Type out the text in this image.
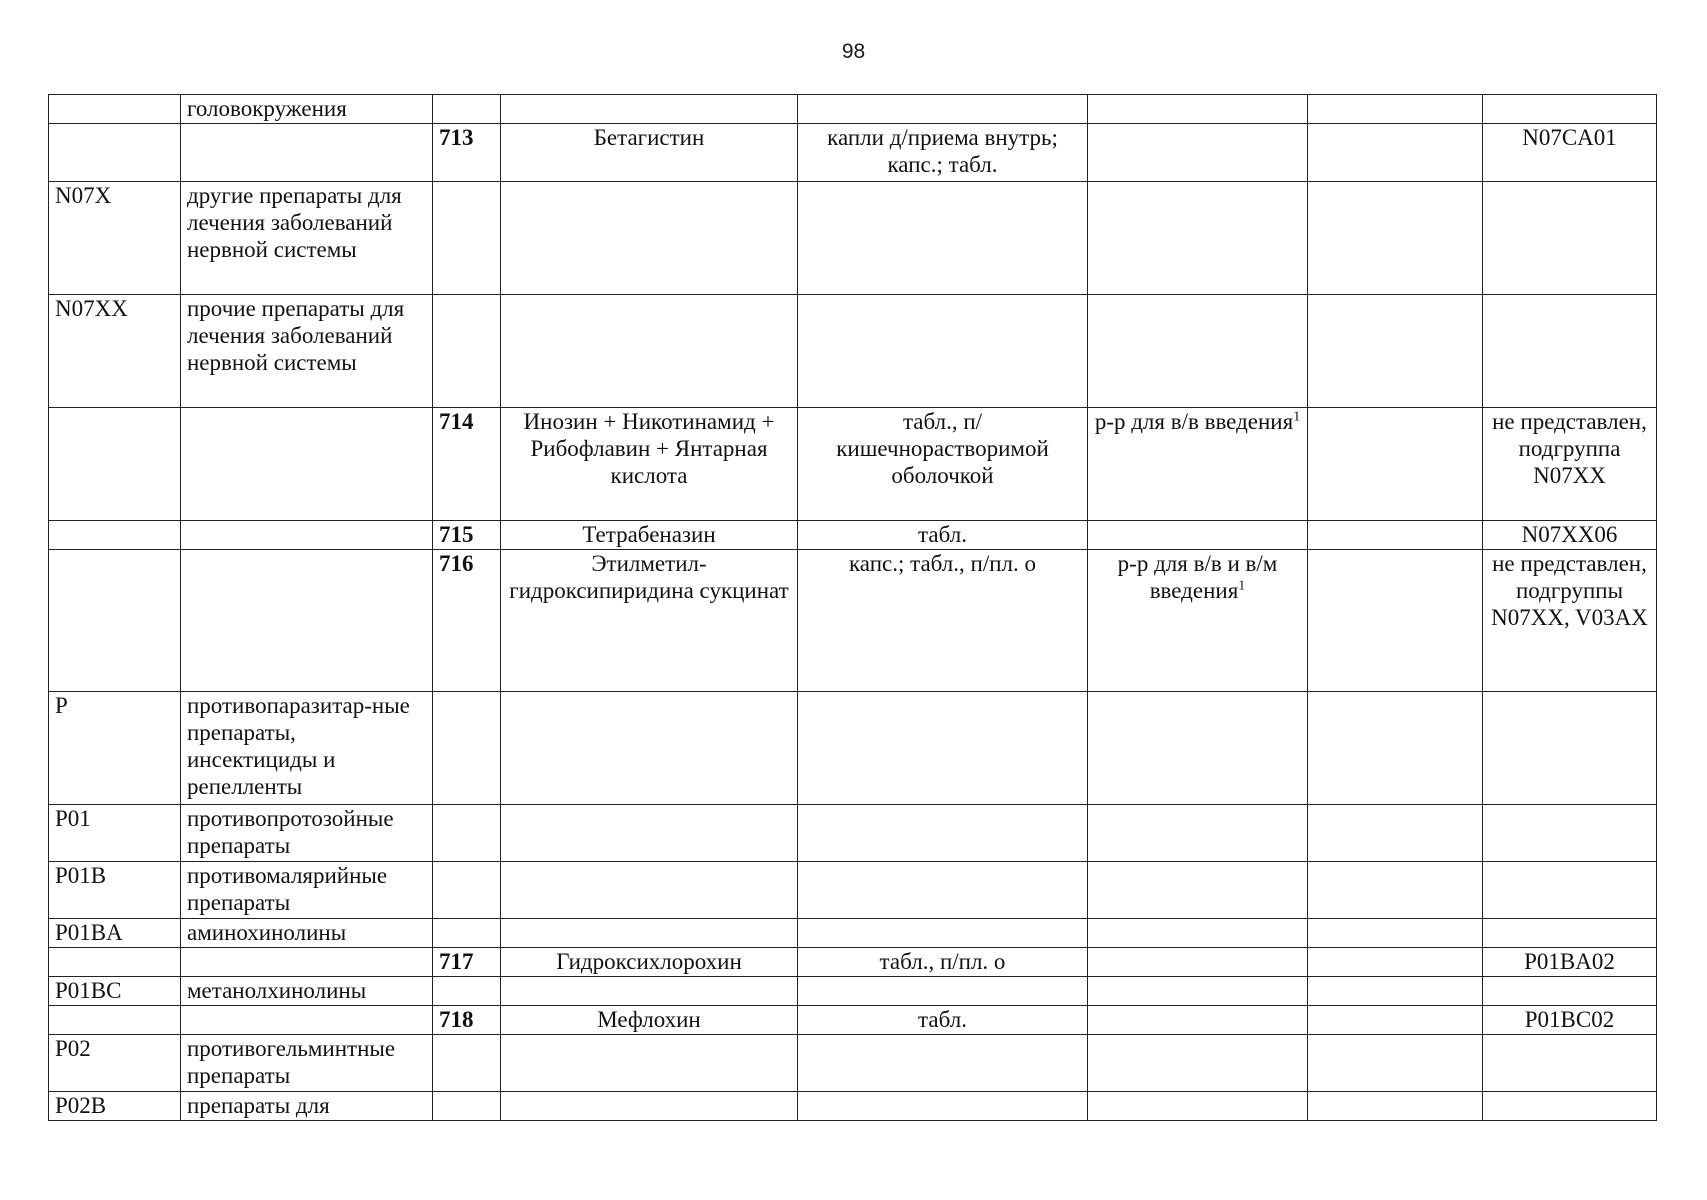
98
	головокружения						
		713	Бетагистин	капли д/приема внутрь; капс.; табл.			N07CA01
N07X	другие препараты для лечения заболеваний нервной системы						
N07XX	прочие препараты для лечения заболеваний нервной системы						
		714	Инозин + Никотинамид + Рибофлавин + Янтарная кислота	табл., п/кишечнорастворимой оболочкой	р-р для в/в введения$^1$		не представлен, подгруппа N07XX
		715	Тетрабеназин	табл.			N07XX06
		716	Этилметил-гидроксипиридина сукцинат	капс.; табл., п/пл. о	р-р для в/в и в/м введения$^1$		не представлен, подгруппы N07XX, V03AX
P	противопаразитар-ные препараты, инсектициды и репелленты						
P01	противопротозойные препараты						
P01B	противомалярийные препараты						
P01BA	аминохинолины						
		717	Гидроксихлорохин	табл., п/пл. о			P01BA02
P01BC	метанолхинолины						
		718	Мефлохин	табл.			P01BC02
P02	противогельминтные препараты						
P02B	препараты для						
